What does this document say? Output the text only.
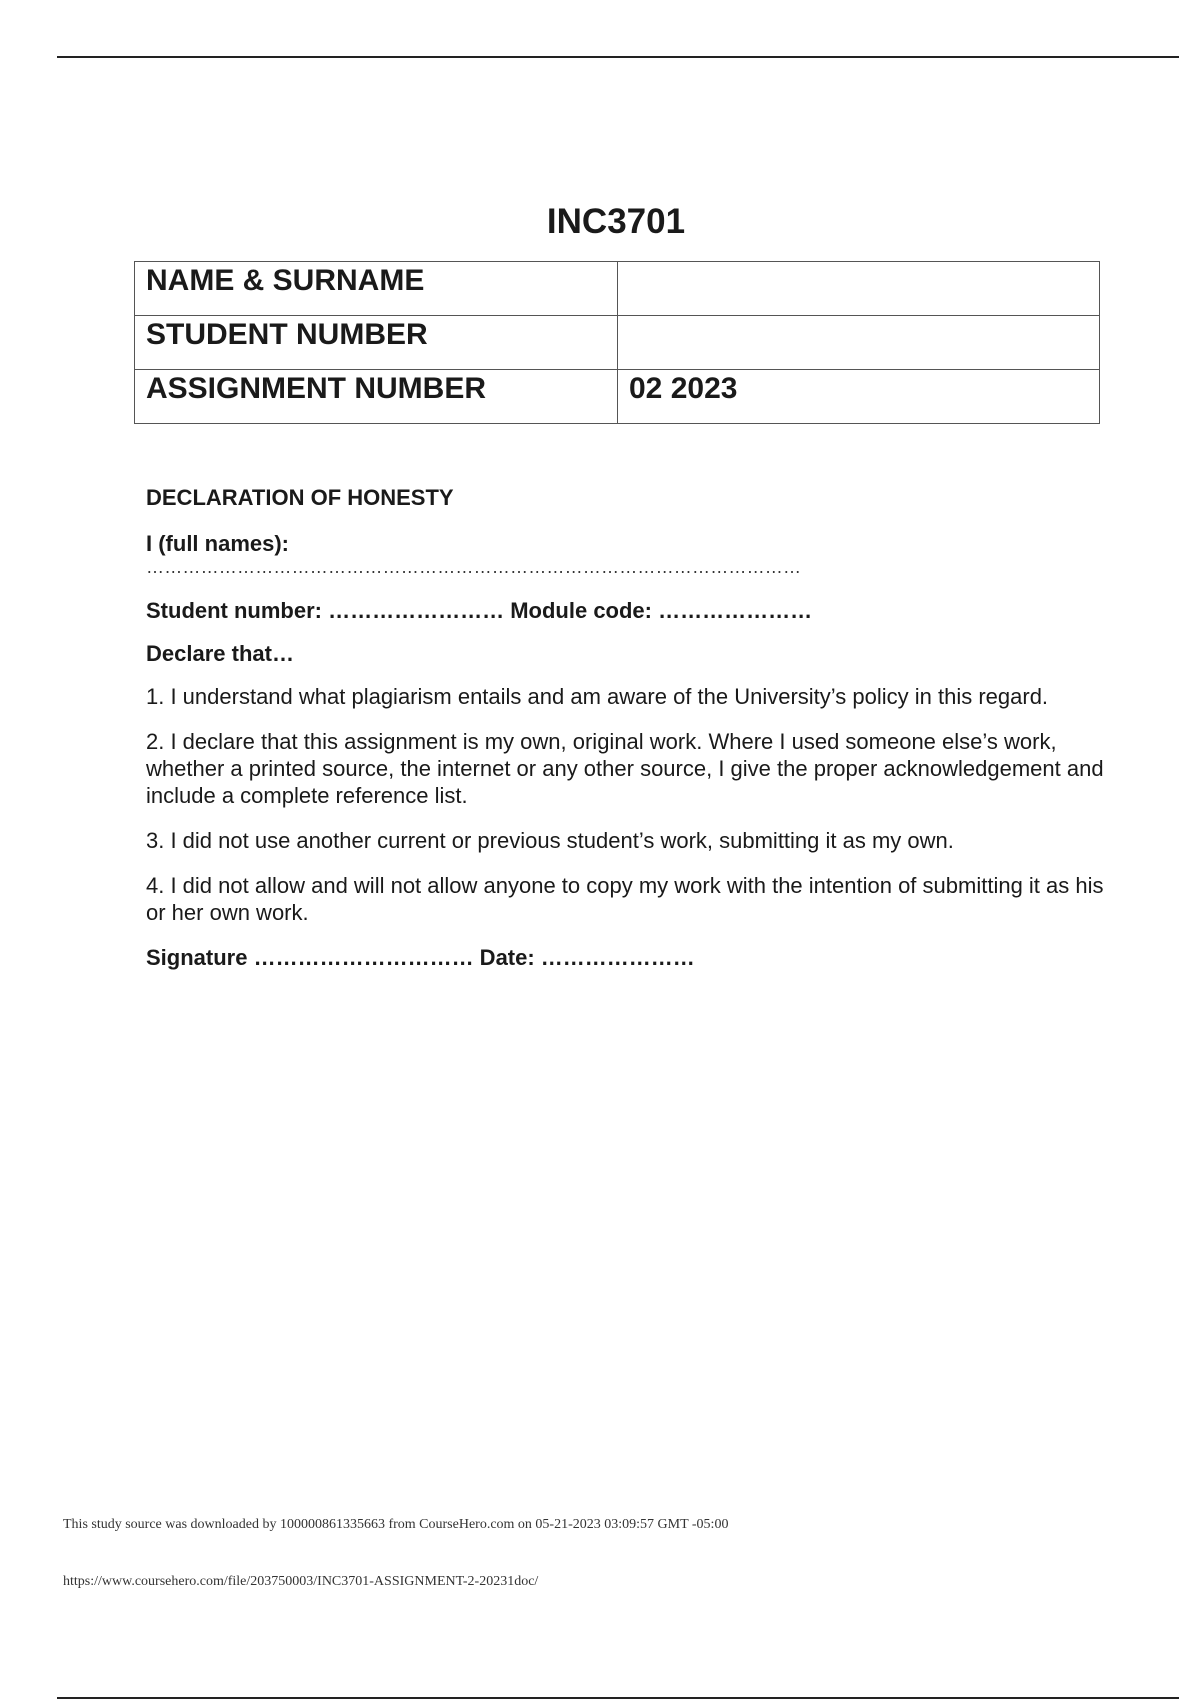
INC3701
NAME & SURNAME	
STUDENT NUMBER	
ASSIGNMENT NUMBER	02 2023

DECLARATION OF HONESTY

I (full names):

………………………………………………………………………………………………

Student number: …………………… Module code: …………………

Declare that…

1. I understand what plagiarism entails and am aware of the University’s policy in this regard.

2. I declare that this assignment is my own, original work. Where I used someone else’s work, whether a printed source, the internet or any other source, I give the proper acknowledgement and include a complete reference list.

3. I did not use another current or previous student’s work, submitting it as my own.

4. I did not allow and will not allow anyone to copy my work with the intention of submitting it as his or her own work.

Signature ………………………… Date: …………………

This study source was downloaded by 100000861335663 from CourseHero.com on 05-21-2023 03:09:57 GMT -05:00

https://www.coursehero.com/file/203750003/INC3701-ASSIGNMENT-2-20231doc/
